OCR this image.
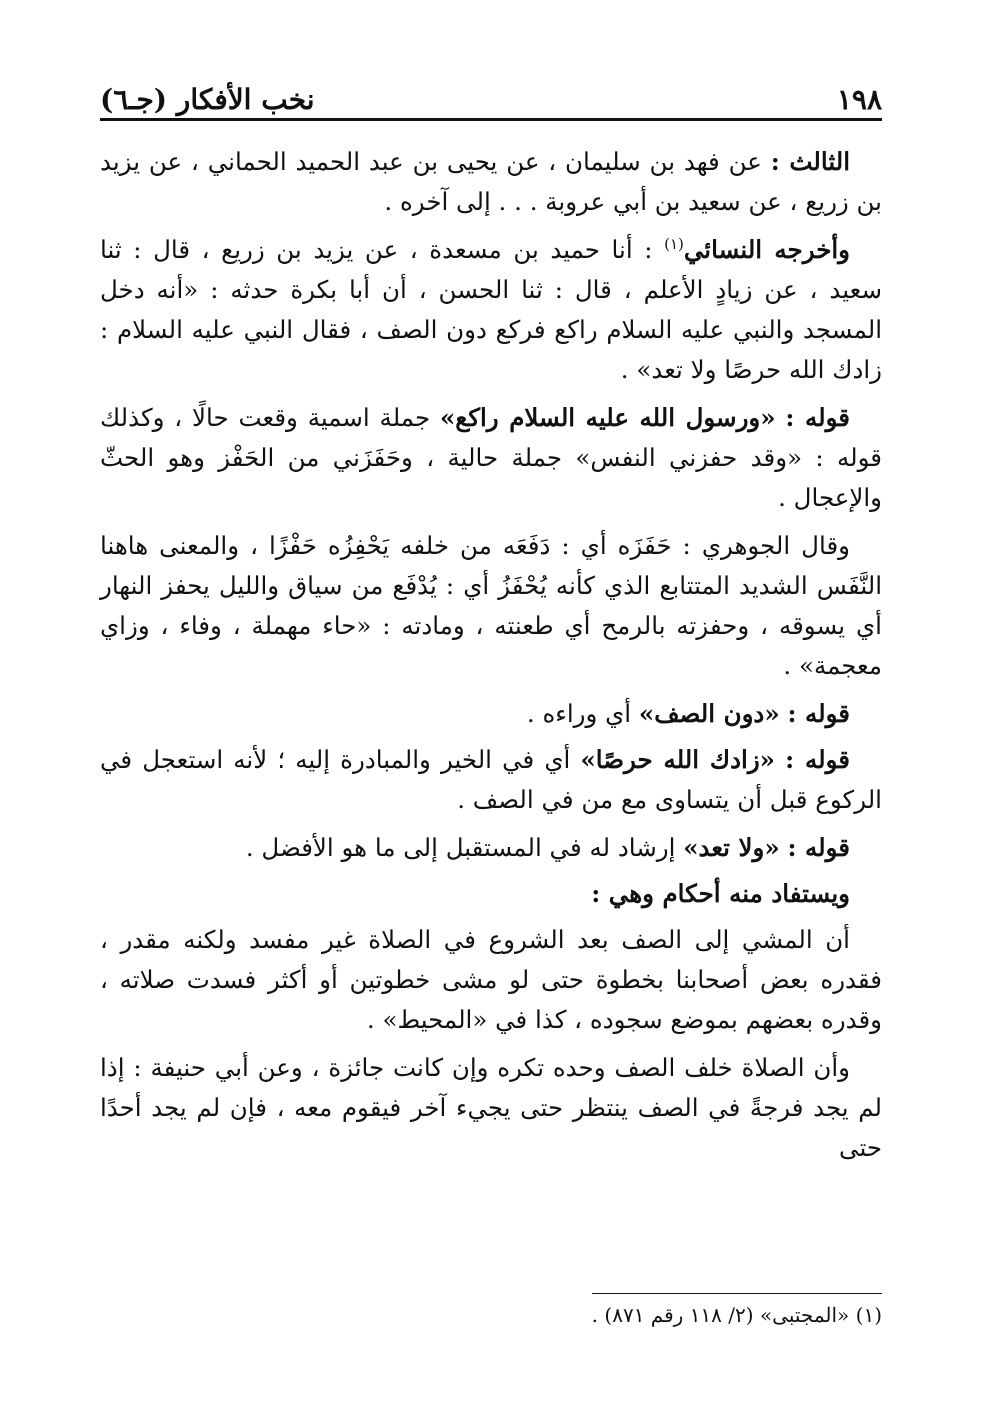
١٩٨
نخب الأفكار (جـ٦)

الثالث : عن فهد بن سليمان ، عن يحيى بن عبد الحميد الحماني ، عن يزيد بن زريع ، عن سعيد بن أبي عروبة . . . إلى آخره .

وأخرجه النسائي$^{(١)}$ : أنا حميد بن مسعدة ، عن يزيد بن زريع ، قال : ثنا سعيد ، عن زيادٍ الأعلم ، قال : ثنا الحسن ، أن أبا بكرة حدثه : «أنه دخل المسجد والنبي عليه السلام راكع فركع دون الصف ، فقال النبي عليه السلام : زادك الله حرصًا ولا تعد» .

قوله : «ورسول الله عليه السلام راكع» جملة اسمية وقعت حالًا ، وكذلك قوله : «وقد حفزني النفس» جملة حالية ، وحَفَزَني من الحَفْز وهو الحثّ والإعجال .

وقال الجوهري : حَفَزَه أي : دَفَعَه من خلفه يَحْفِزُه حَفْزًا ، والمعنى هاهنا النَّفَس الشديد المتتابع الذي كأنه يُحْفَزُ أي : يُدْفَع من سياق والليل يحفز النهار أي يسوقه ، وحفزته بالرمح أي طعنته ، ومادته : «حاء مهملة ، وفاء ، وزاي معجمة» .

قوله : «دون الصف» أي وراءه .

قوله : «زادك الله حرصًا» أي في الخير والمبادرة إليه ؛ لأنه استعجل في الركوع قبل أن يتساوى مع من في الصف .

قوله : «ولا تعد» إرشاد له في المستقبل إلى ما هو الأفضل .

ويستفاد منه أحكام وهي :

أن المشي إلى الصف بعد الشروع في الصلاة غير مفسد ولكنه مقدر ، فقدره بعض أصحابنا بخطوة حتى لو مشى خطوتين أو أكثر فسدت صلاته ، وقدره بعضهم بموضع سجوده ، كذا في «المحيط» .

وأن الصلاة خلف الصف وحده تكره وإن كانت جائزة ، وعن أبي حنيفة : إذا لم يجد فرجةً في الصف ينتظر حتى يجيء آخر فيقوم معه ، فإن لم يجد أحدًا حتى

(١) «المجتبى» (٢/ ١١٨ رقم ٨٧١) .
